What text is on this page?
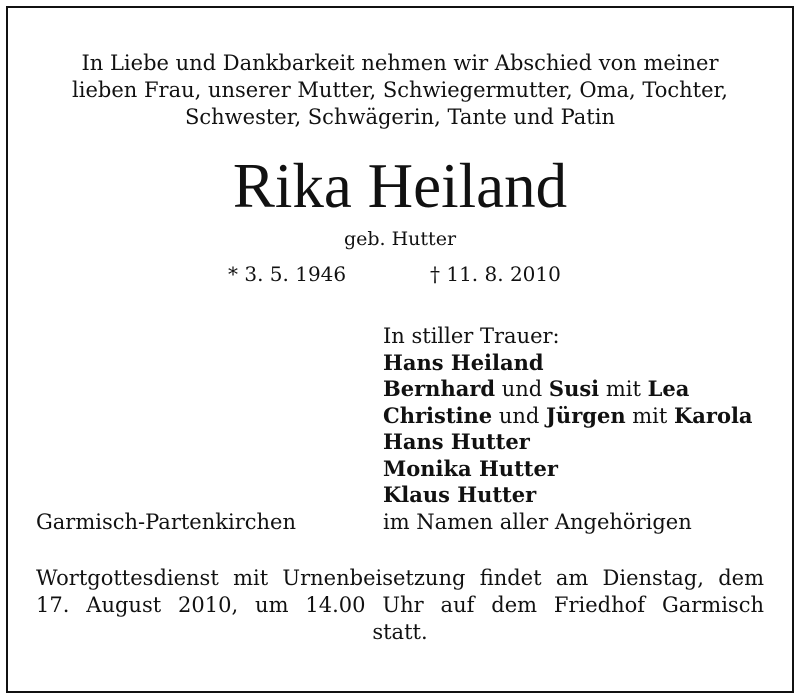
In Liebe und Dankbarkeit nehmen wir Abschied von meiner
lieben Frau, unserer Mutter, Schwiegermutter, Oma, Tochter,
Schwester, Schwägerin, Tante und Patin
Rika Heiland
geb. Hutter
* 3. 5. 1946	† 11. 8. 2010
In stiller Trauer:
Hans Heiland
Bernhard und Susi mit Lea
Christine und Jürgen mit Karola
Hans Hutter
Monika Hutter
Klaus Hutter
im Namen aller Angehörigen
Garmisch-Partenkirchen
Wortgottesdienst mit Urnenbeisetzung findet am Dienstag, dem
17. August 2010, um 14.00 Uhr auf dem Friedhof Garmisch
statt.
